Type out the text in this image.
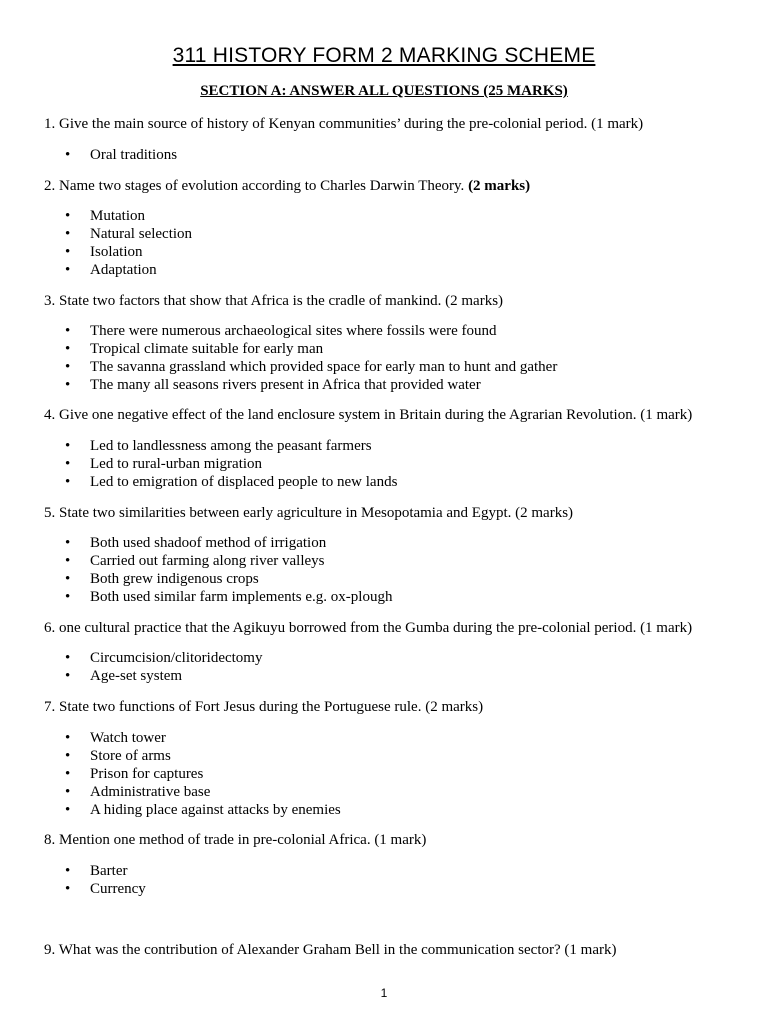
311 HISTORY FORM 2 MARKING SCHEME
SECTION A: ANSWER ALL QUESTIONS (25 MARKS)
1. Give the main source of history of Kenyan communities’ during the pre-colonial period. (1 mark)
• Oral traditions
2. Name two stages of evolution according to Charles Darwin Theory. (2 marks)
• Mutation
• Natural selection
• Isolation
• Adaptation
3. State two factors that show that Africa is the cradle of mankind. (2 marks)
• There were numerous archaeological sites where fossils were found
• Tropical climate suitable for early man
• The savanna grassland which provided space for early man to hunt and gather
• The many all seasons rivers present in Africa that provided water
4. Give one negative effect of the land enclosure system in Britain during the Agrarian Revolution. (1 mark)
• Led to landlessness among the peasant farmers
• Led to rural-urban migration
• Led to emigration of displaced people to new lands
5. State two similarities between early agriculture in Mesopotamia and Egypt. (2 marks)
• Both used shadoof method of irrigation
• Carried out farming along river valleys
• Both grew indigenous crops
• Both used similar farm implements e.g. ox-plough
6. one cultural practice that the Agikuyu borrowed from the Gumba during the pre-colonial period. (1 mark)
• Circumcision/clitoridectomy
• Age-set system
7. State two functions of Fort Jesus during the Portuguese rule. (2 marks)
• Watch tower
• Store of arms
• Prison for captures
• Administrative base
• A hiding place against attacks by enemies
8. Mention one method of trade in pre-colonial Africa. (1 mark)
• Barter
• Currency
9. What was the contribution of Alexander Graham Bell in the communication sector? (1 mark)
1
